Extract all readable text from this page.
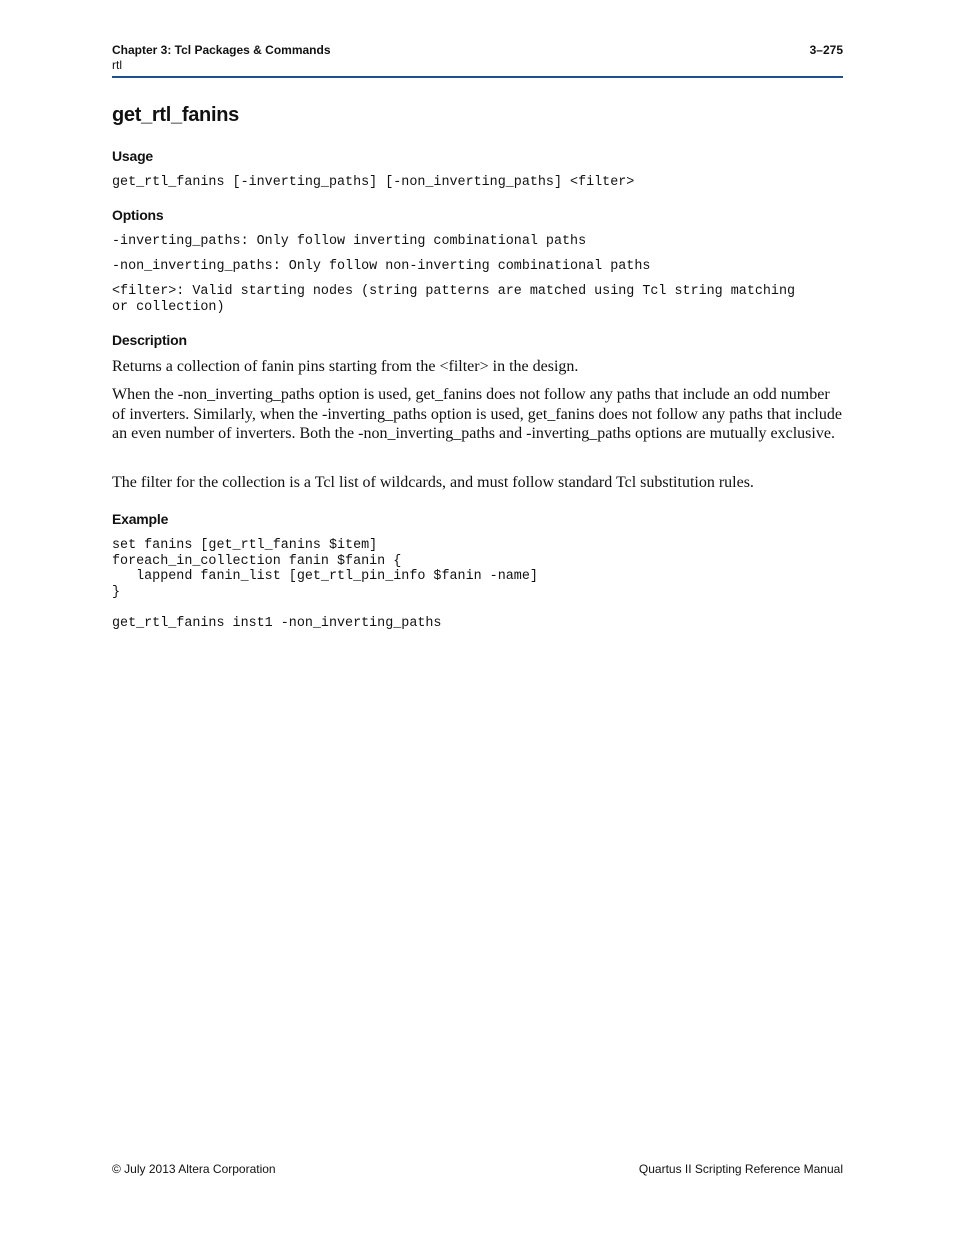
Chapter 3: Tcl Packages & Commands	3–275
rtl
get_rtl_fanins
Usage
get_rtl_fanins [-inverting_paths] [-non_inverting_paths] <filter>
Options
-inverting_paths: Only follow inverting combinational paths
-non_inverting_paths: Only follow non-inverting combinational paths
<filter>: Valid starting nodes (string patterns are matched using Tcl string matching
or collection)
Description

Returns a collection of fanin pins starting from the <filter> in the design.

When the -non_inverting_paths option is used, get_fanins does not follow any paths that include an odd number of inverters. Similarly, when the -inverting_paths option is used, get_fanins does not follow any paths that include an even number of inverters. Both the -non_inverting_paths and -inverting_paths options are mutually exclusive.

The filter for the collection is a Tcl list of wildcards, and must follow standard Tcl substitution rules.

Example
set fanins [get_rtl_fanins $item]
foreach_in_collection fanin $fanin {
lappend fanin_list [get_rtl_pin_info $fanin -name]
}

get_rtl_fanins inst1 -non_inverting_paths
© July 2013 Altera Corporation	Quartus II Scripting Reference Manual
